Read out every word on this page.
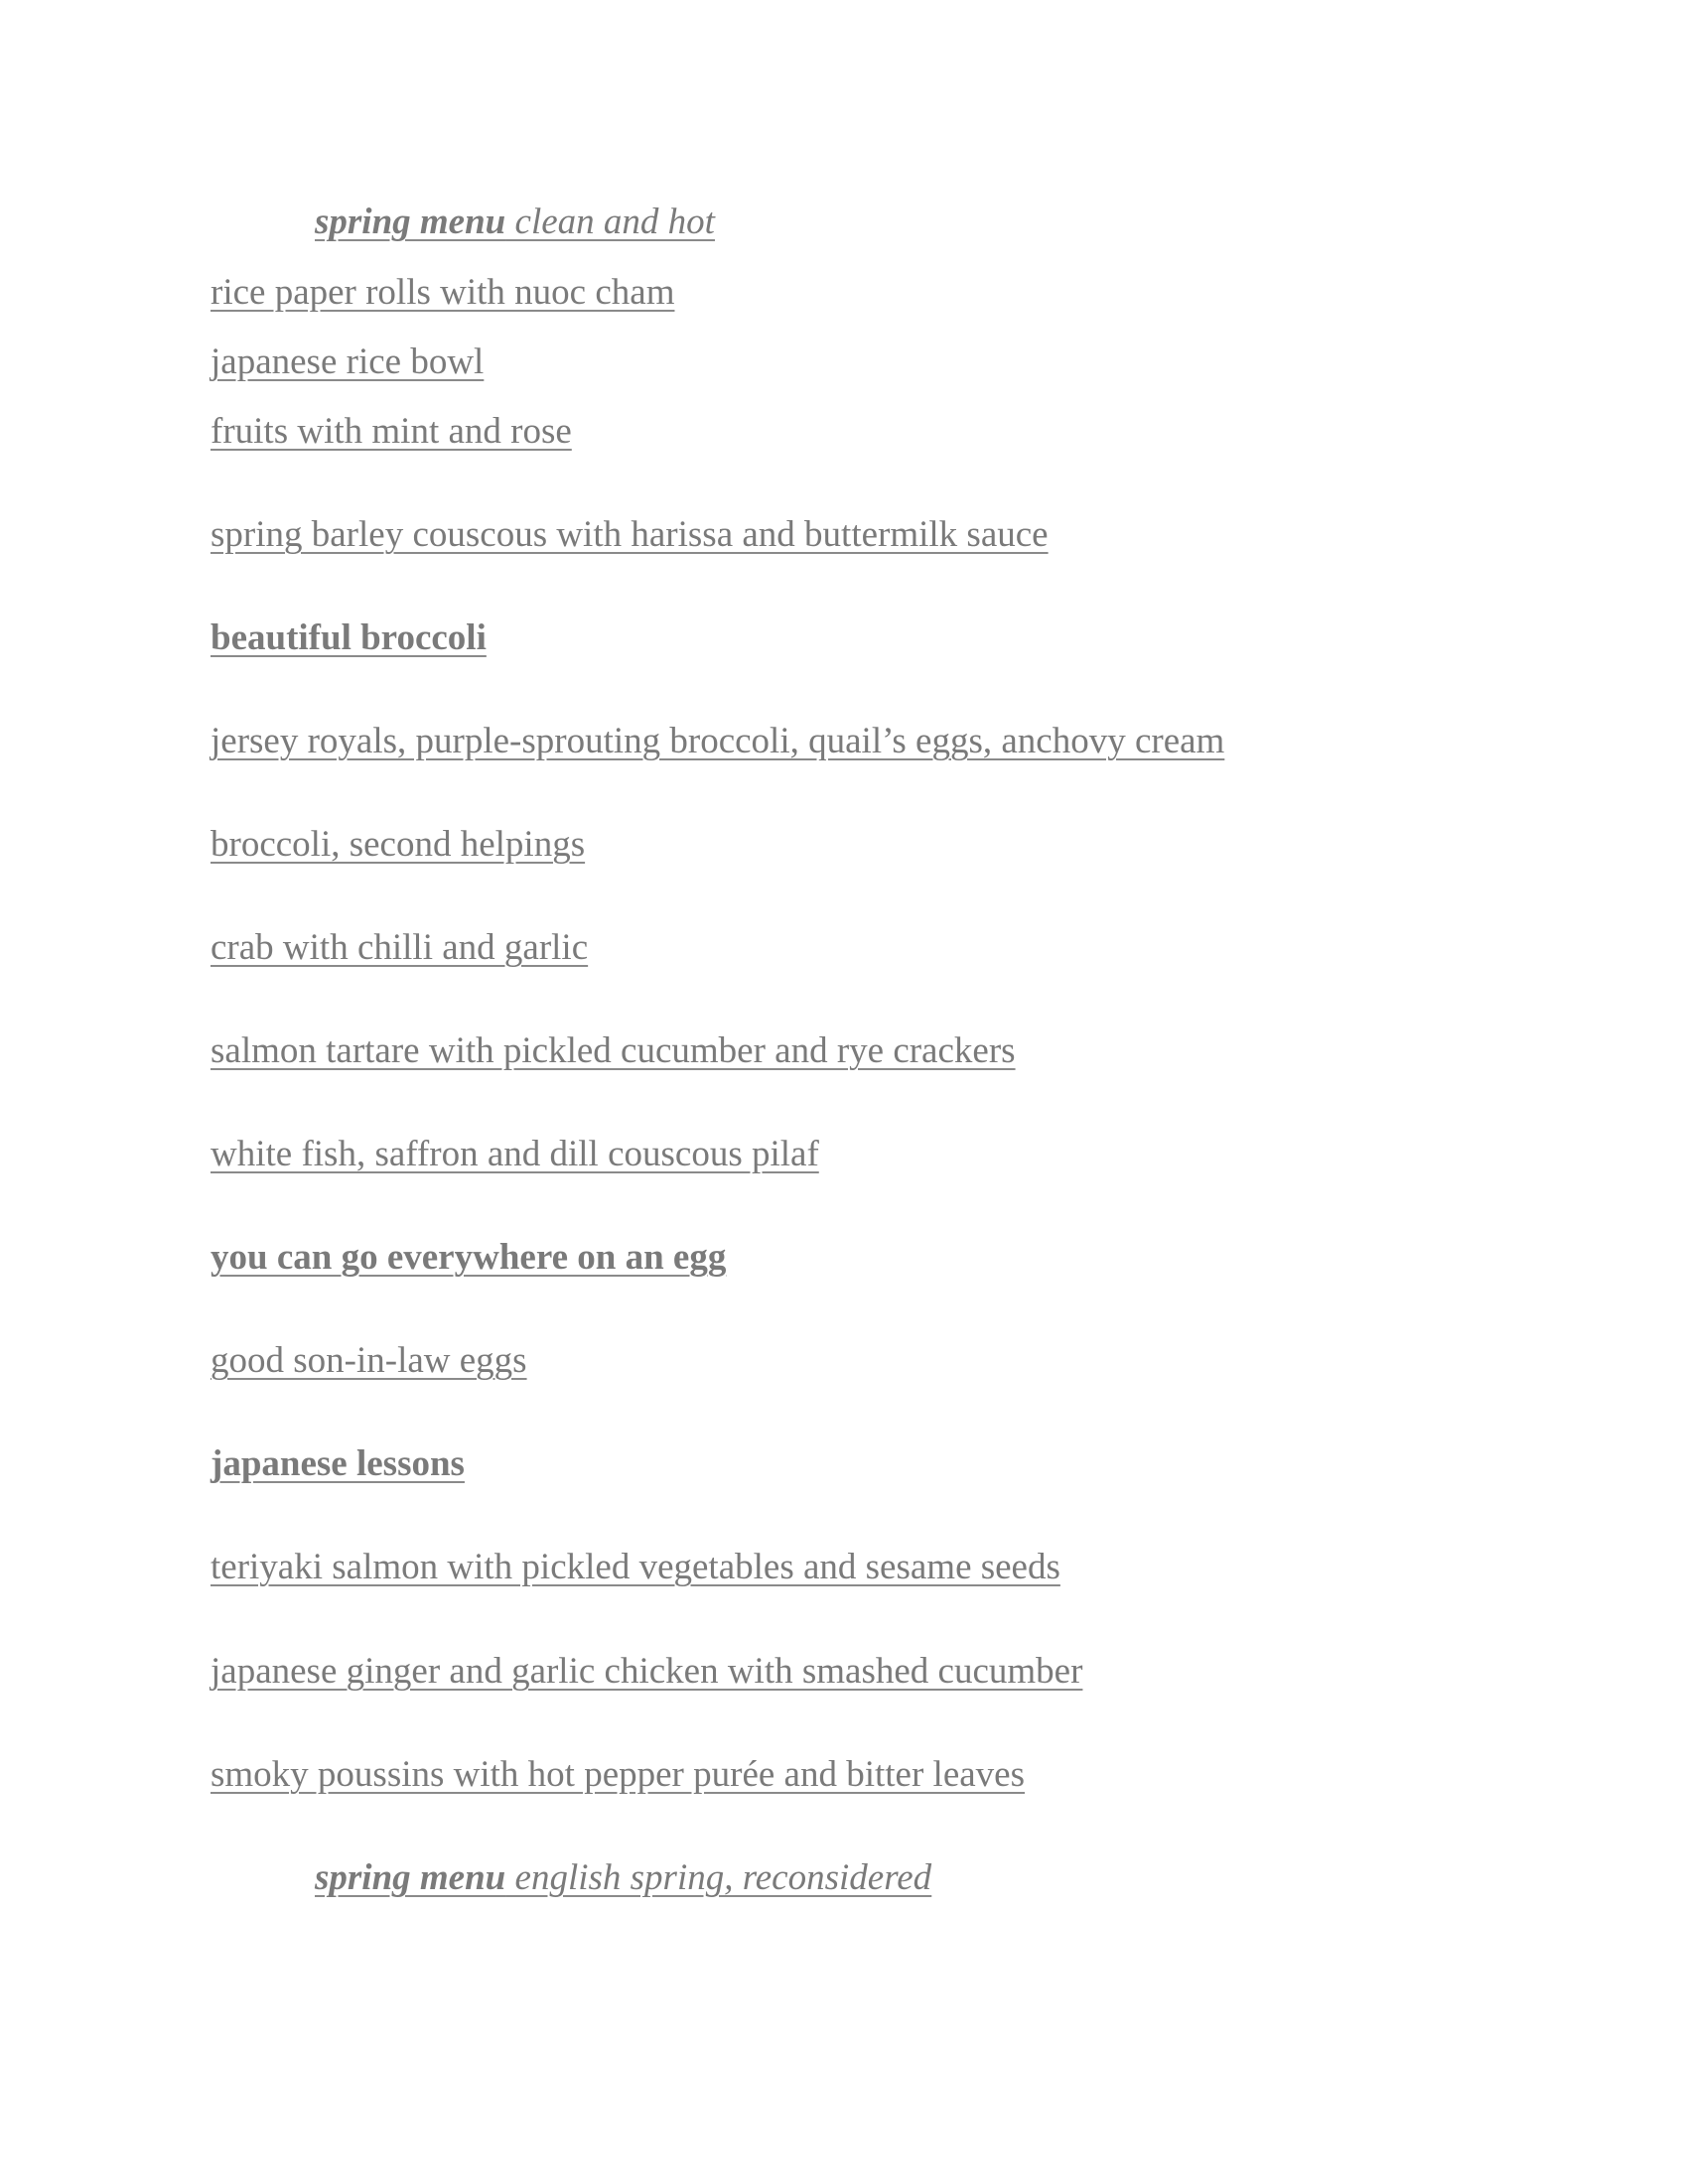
spring menu clean and hot
rice paper rolls with nuoc cham
japanese rice bowl
fruits with mint and rose
spring barley couscous with harissa and buttermilk sauce
beautiful broccoli
jersey royals, purple-sprouting broccoli, quail’s eggs, anchovy cream
broccoli, second helpings
crab with chilli and garlic
salmon tartare with pickled cucumber and rye crackers
white fish, saffron and dill couscous pilaf
you can go everywhere on an egg
good son-in-law eggs
japanese lessons
teriyaki salmon with pickled vegetables and sesame seeds
japanese ginger and garlic chicken with smashed cucumber
smoky poussins with hot pepper purée and bitter leaves
spring menu english spring, reconsidered
